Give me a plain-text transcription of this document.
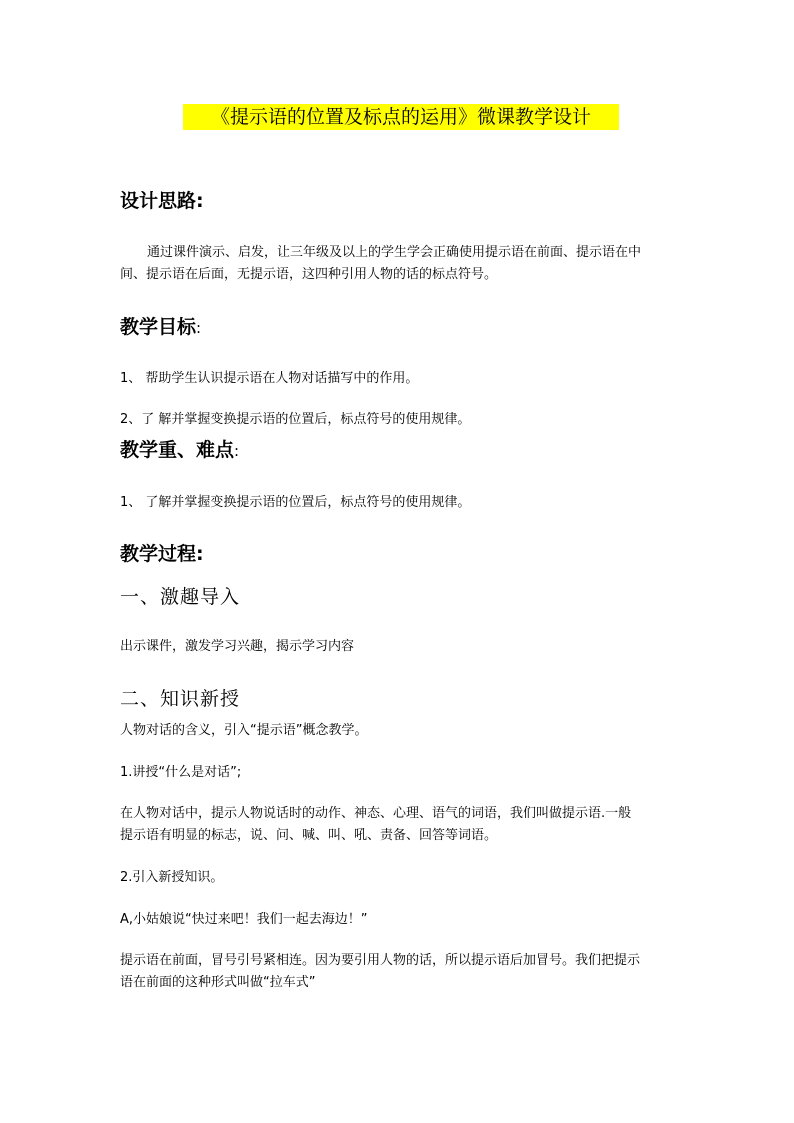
《提示语的位置及标点的运用》微课教学设计
设计思路:
通过课件演示、启发，让三年级及以上的学生学会正确使用提示语在前面、提示语在中
间、提示语在后面，无提示语，这四种引用人物的话的标点符号。
教学目标:
1、 帮助学生认识提示语在人物对话描写中的作用。
2、了 解并掌握变换提示语的位置后，标点符号的使用规律。
教学重、难点:
1、 了解并掌握变换提示语的位置后，标点符号的使用规律。
教学过程:
一、激趣导入
出示课件，激发学习兴趣，揭示学习内容
二、知识新授
人物对话的含义，引入“提示语”概念教学。
1.讲授“什么是对话”;
在人物对话中，提示人物说话时的动作、神态、心理、语气的词语，我们叫做提示语.一般
提示语有明显的标志，说、问、喊、叫、吼、责备、回答等词语。
2.引入新授知识。
A,小姑娘说“快过来吧！我们一起去海边！”
提示语在前面，冒号引号紧相连。因为要引用人物的话，所以提示语后加冒号。我们把提示
语在前面的这种形式叫做“拉车式”
